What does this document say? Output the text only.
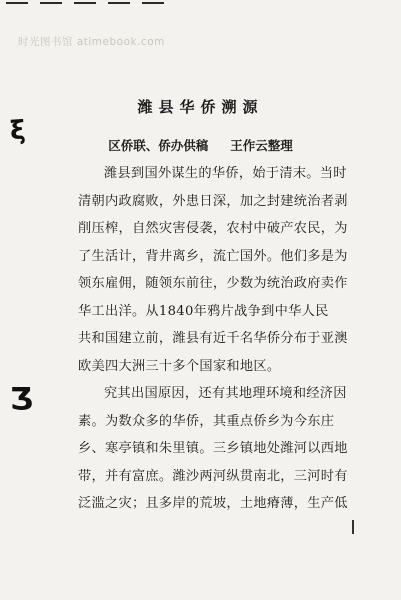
时光图书馆 atimebook.com
ξ
Ʒ
潍县华侨溯源
区侨联、侨办供稿 王作云整理
潍县到国外谋生的华侨，始于清末。当时
清朝内政腐败，外患日深，加之封建统治者剥
削压榨，自然灾害侵袭，农村中破产农民，为
了生活计，背井离乡，流亡国外。他们多是为
领东雇佣，随领东前往，少数为统治政府卖作
华工出洋。从1840年鸦片战争到中华人民
共和国建立前，潍县有近千名华侨分布于亚澳
欧美四大洲三十多个国家和地区。
究其出国原因，还有其地理环境和经济因
素。为数众多的华侨，其重点侨乡为今东庄
乡、寒亭镇和朱里镇。三乡镇地处潍河以西地
带，并有富庶。潍沙两河纵贯南北，三河时有
泛滥之灾；且多岸的荒坡，土地瘠薄，生产低
